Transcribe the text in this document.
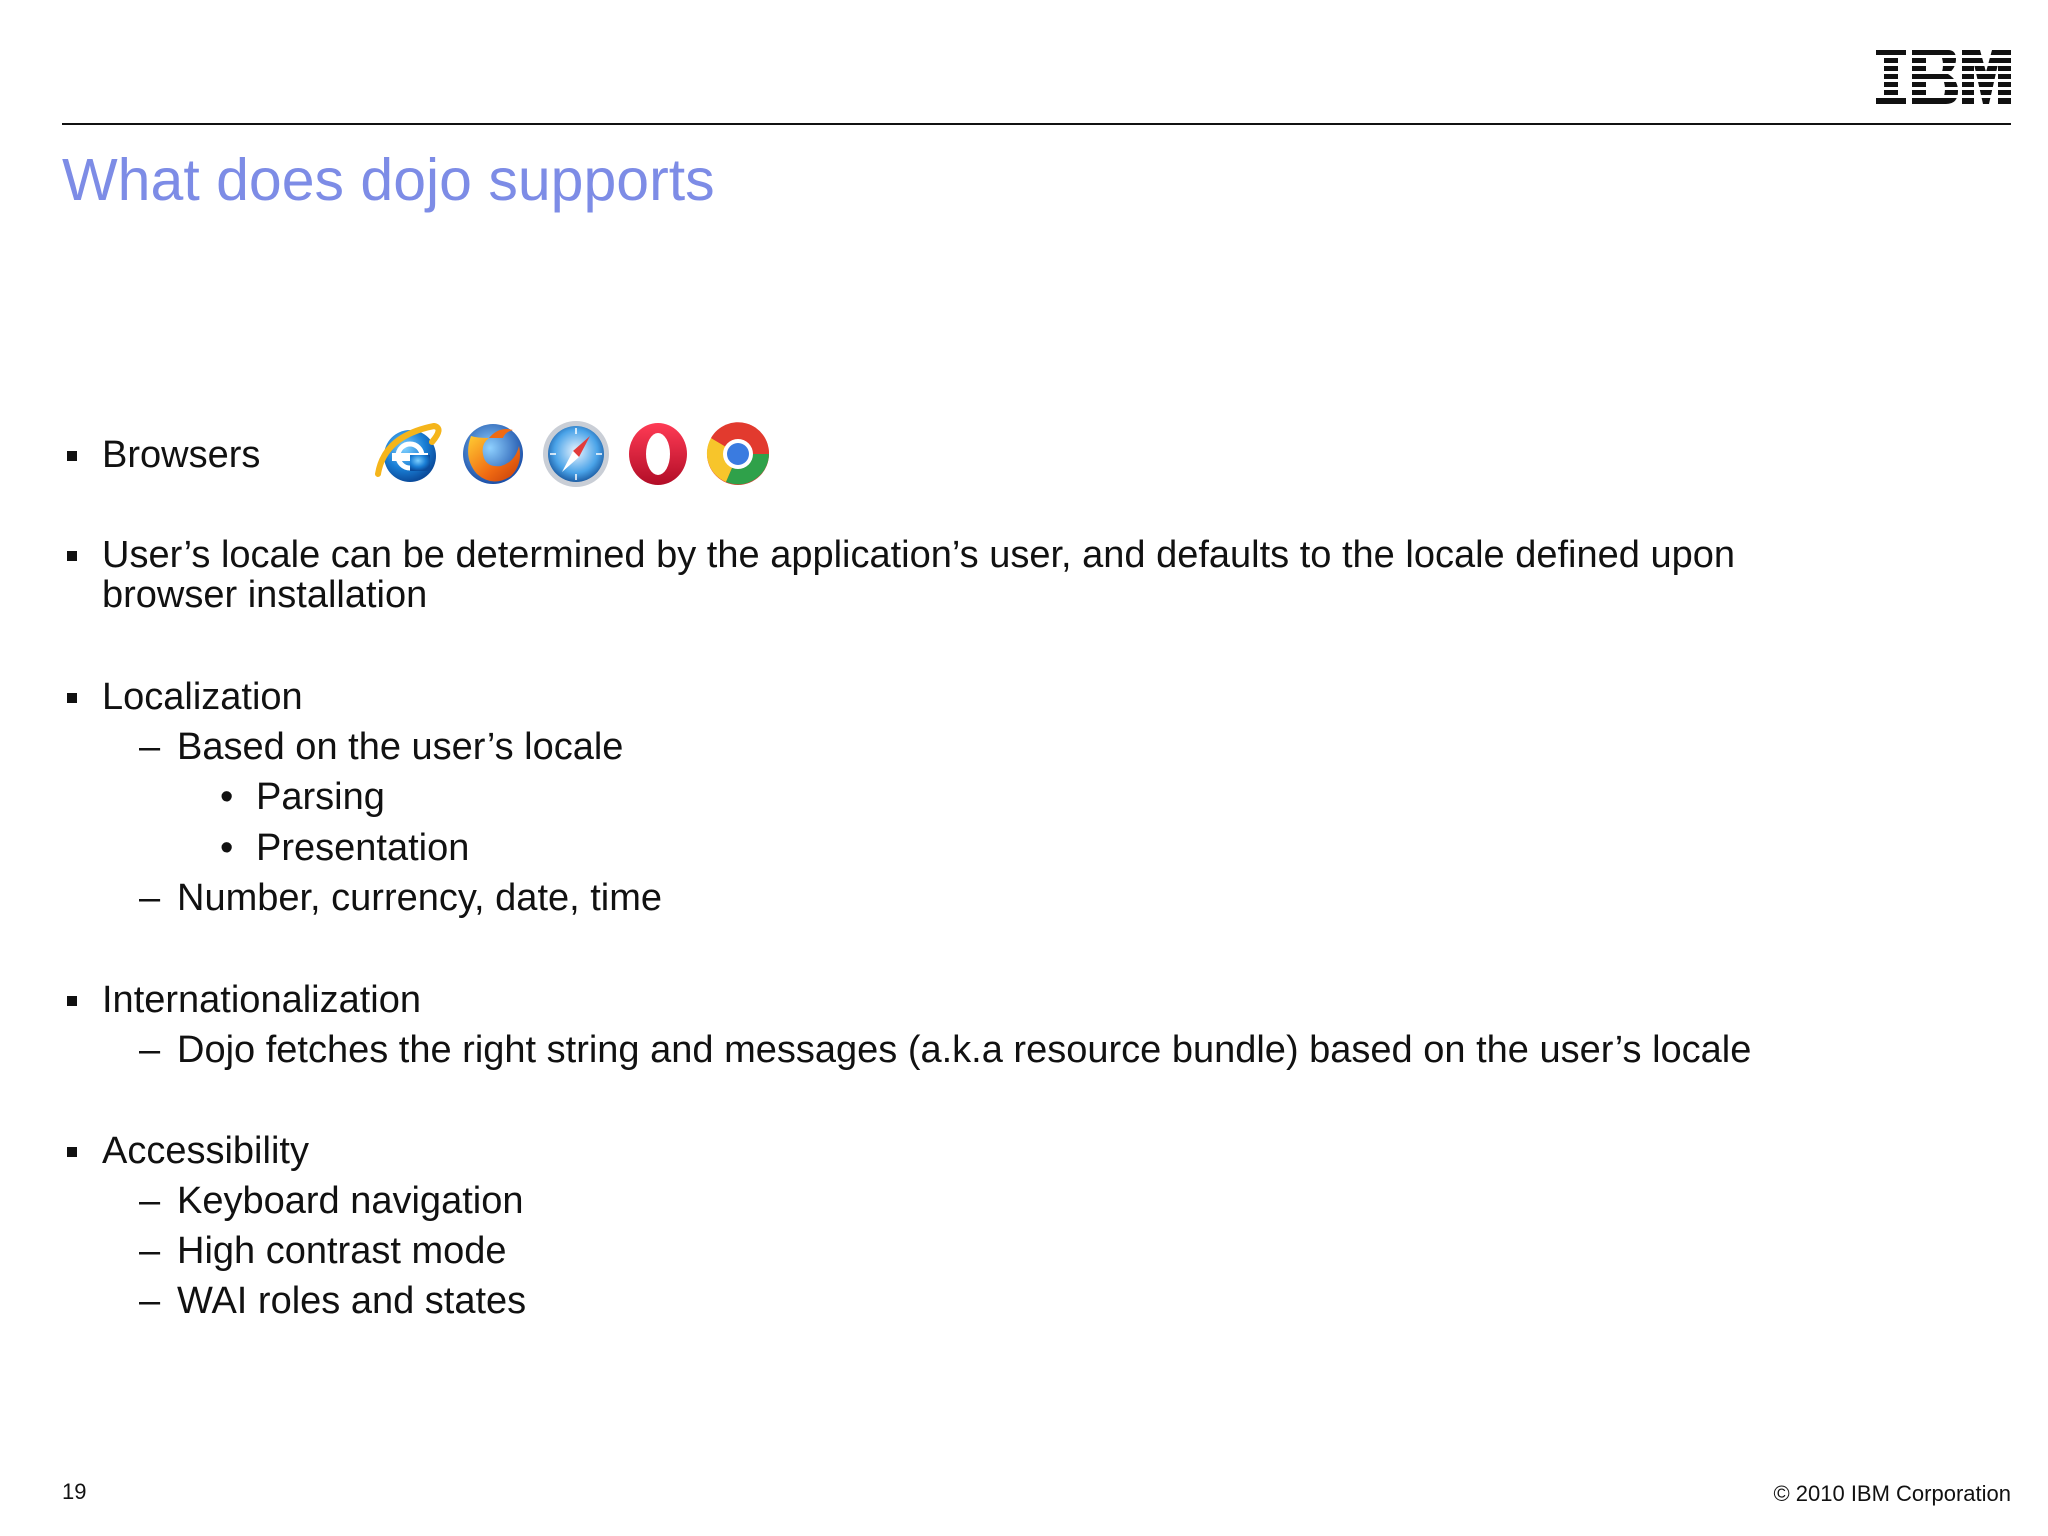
What does dojo supports
Browsers
User’s locale can be determined by the application’s user, and defaults to the locale defined upon
browser installation
Localization
– Based on the user’s locale
• Parsing
• Presentation
– Number, currency, date, time
Internationalization
– Dojo fetches the right string and messages (a.k.a resource bundle) based on the user’s locale
Accessibility
– Keyboard navigation
– High contrast mode
– WAI roles and states
19	© 2010 IBM Corporation
